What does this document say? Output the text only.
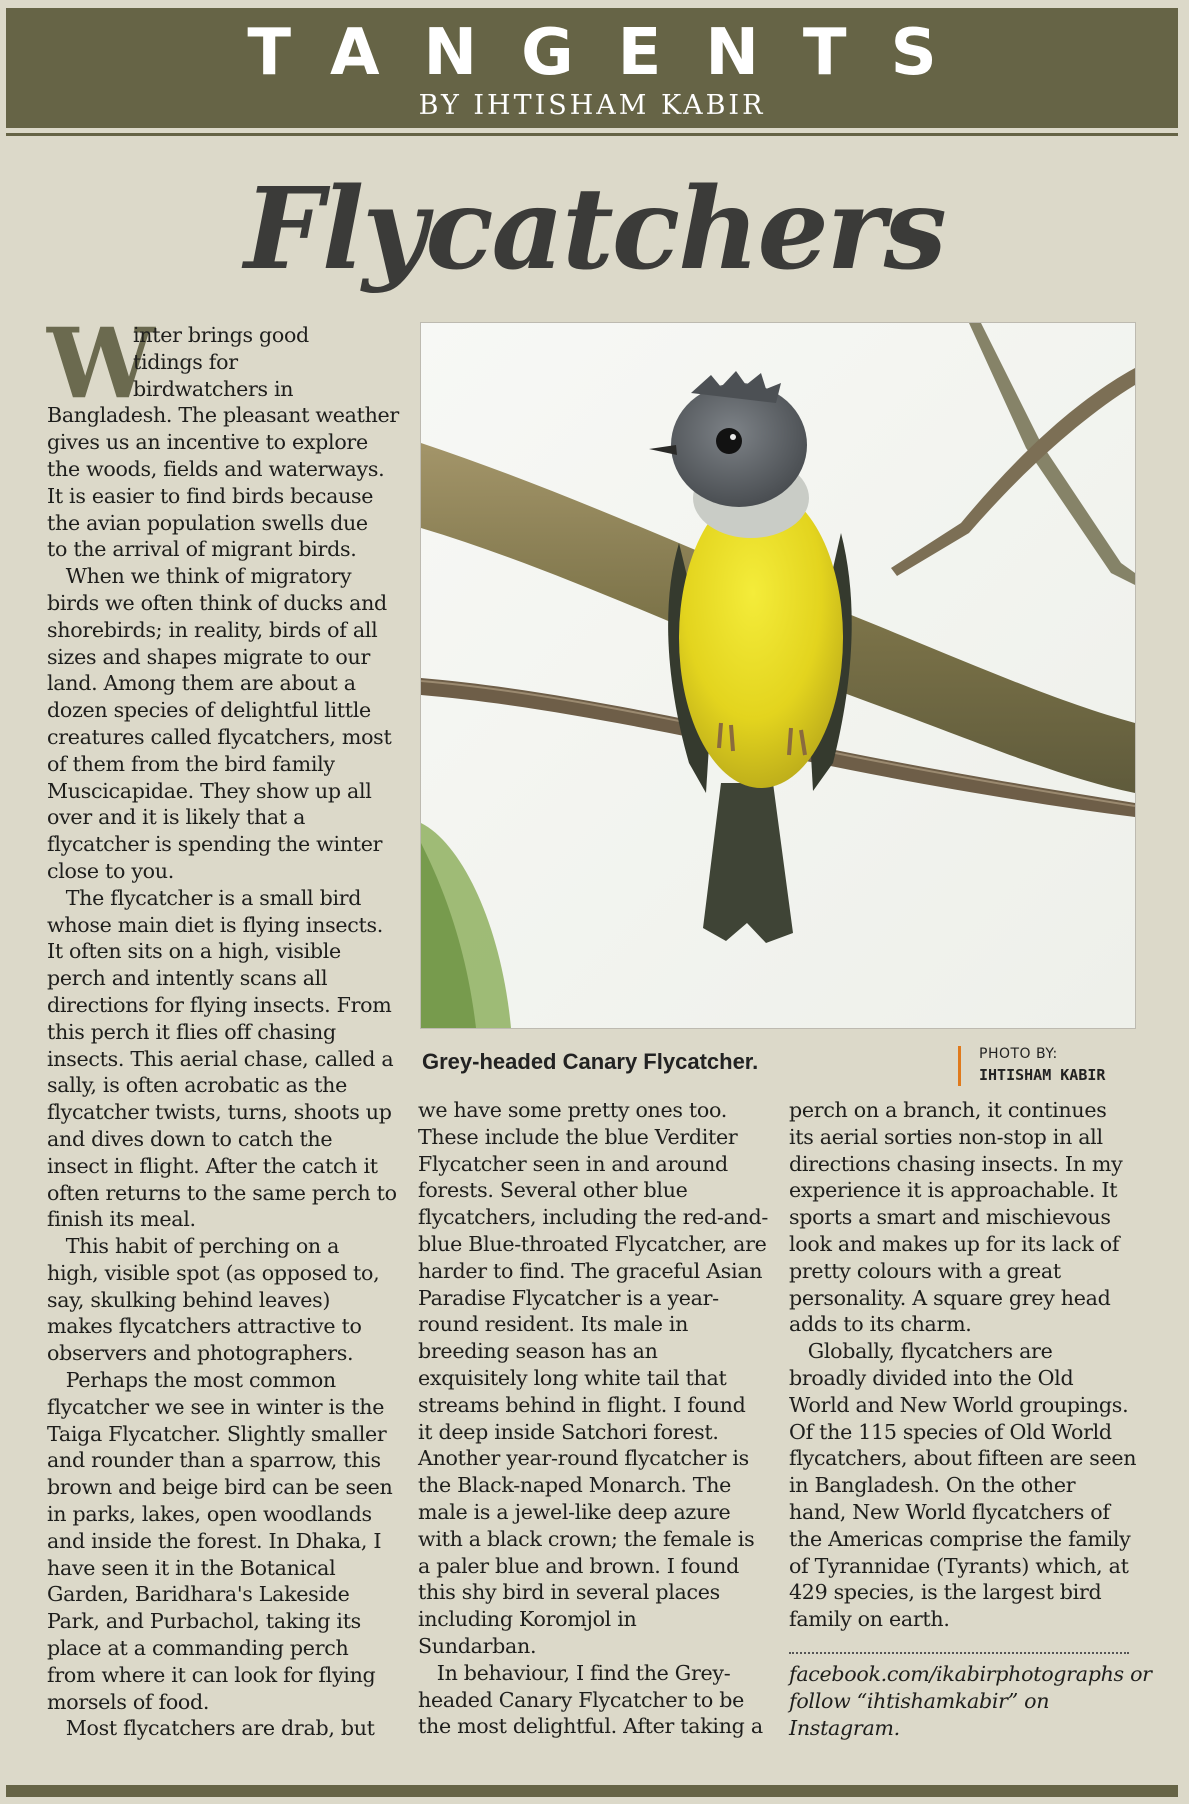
TANGENTS
BY IHTISHAM KABIR
Flycatchers
W
inter brings good
tidings for
birdwatchers in
Bangladesh. The pleasant weather
gives us an incentive to explore
the woods, fields and waterways.
It is easier to find birds because
the avian population swells due
to the arrival of migrant birds.
When we think of migratory
birds we often think of ducks and
shorebirds; in reality, birds of all
sizes and shapes migrate to our
land. Among them are about a
dozen species of delightful little
creatures called flycatchers, most
of them from the bird family
Muscicapidae. They show up all
over and it is likely that a
flycatcher is spending the winter
close to you.
The flycatcher is a small bird
whose main diet is flying insects.
It often sits on a high, visible
perch and intently scans all
directions for flying insects. From
this perch it flies off chasing
insects. This aerial chase, called a
sally, is often acrobatic as the
flycatcher twists, turns, shoots up
and dives down to catch the
insect in flight. After the catch it
often returns to the same perch to
finish its meal.
This habit of perching on a
high, visible spot (as opposed to,
say, skulking behind leaves)
makes flycatchers attractive to
observers and photographers.
Perhaps the most common
flycatcher we see in winter is the
Taiga Flycatcher. Slightly smaller
and rounder than a sparrow, this
brown and beige bird can be seen
in parks, lakes, open woodlands
and inside the forest. In Dhaka, I
have seen it in the Botanical
Garden, Baridhara's Lakeside
Park, and Purbachol, taking its
place at a commanding perch
from where it can look for flying
morsels of food.
Most flycatchers are drab, but
Grey-headed Canary Flycatcher.	PHOTO BY:
IHTISHAM KABIR
we have some pretty ones too.
These include the blue Verditer
Flycatcher seen in and around
forests. Several other blue
flycatchers, including the red-and-
blue Blue-throated Flycatcher, are
harder to find. The graceful Asian
Paradise Flycatcher is a year-
round resident. Its male in
breeding season has an
exquisitely long white tail that
streams behind in flight. I found
it deep inside Satchori forest.
Another year-round flycatcher is
the Black-naped Monarch. The
male is a jewel-like deep azure
with a black crown; the female is
a paler blue and brown. I found
this shy bird in several places
including Koromjol in
Sundarban.
In behaviour, I find the Grey-
headed Canary Flycatcher to be
the most delightful. After taking a
perch on a branch, it continues
its aerial sorties non-stop in all
directions chasing insects. In my
experience it is approachable. It
sports a smart and mischievous
look and makes up for its lack of
pretty colours with a great
personality. A square grey head
adds to its charm.
Globally, flycatchers are
broadly divided into the Old
World and New World groupings.
Of the 115 species of Old World
flycatchers, about fifteen are seen
in Bangladesh. On the other
hand, New World flycatchers of
the Americas comprise the family
of Tyrannidae (Tyrants) which, at
429 species, is the largest bird
family on earth.
facebook.com/ikabirphotographs or
follow “ihtishamkabir” on
Instagram.
